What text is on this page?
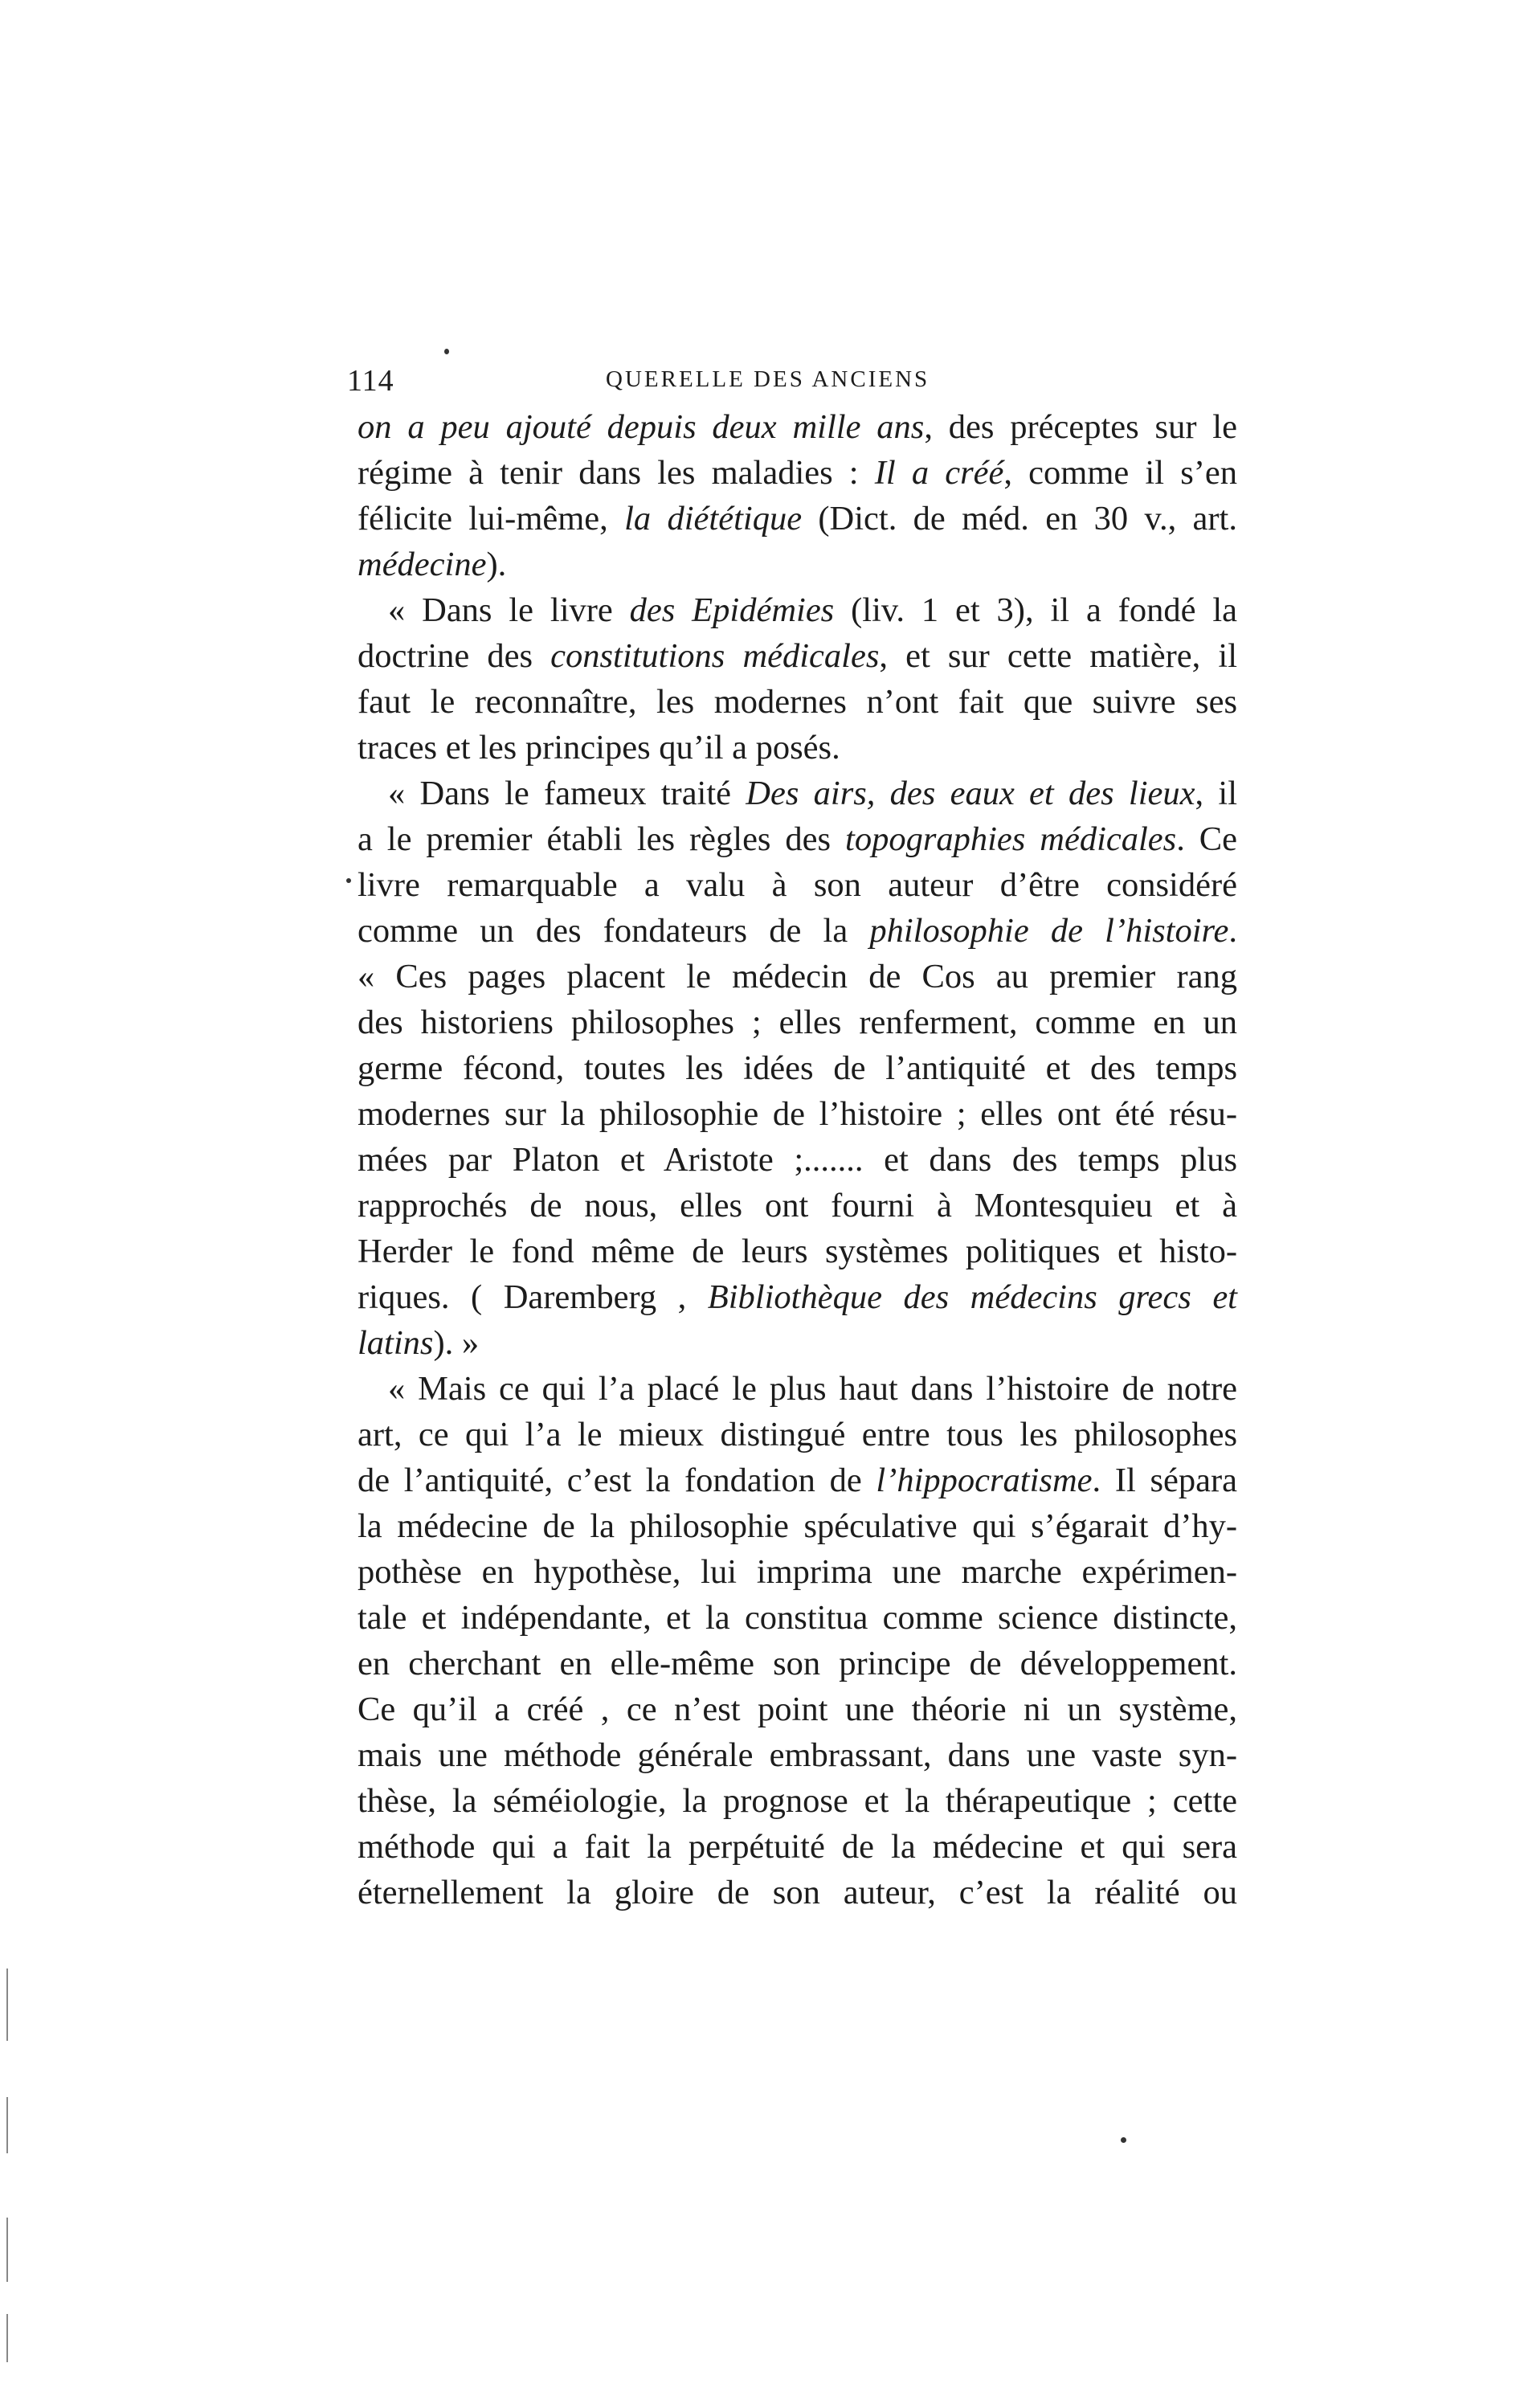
114	QUERELLE DES ANCIENS
on a peu ajouté depuis deux mille ans, des préceptes sur le
régime à tenir dans les maladies : Il a créé, comme il s’en
félicite lui-même, la diététique (Dict. de méd. en 30 v., art.
médecine).
« Dans le livre des Epidémies (liv. 1 et 3), il a fondé la
doctrine des constitutions médicales, et sur cette matière, il
faut le reconnaître, les modernes n’ont fait que suivre ses
traces et les principes qu’il a posés.
« Dans le fameux traité Des airs, des eaux et des lieux, il
a le premier établi les règles des topographies médicales. Ce
livre remarquable a valu à son auteur d’être considéré
comme un des fondateurs de la philosophie de l’histoire.
« Ces pages placent le médecin de Cos au premier rang
des historiens philosophes ; elles renferment, comme en un
germe fécond, toutes les idées de l’antiquité et des temps
modernes sur la philosophie de l’histoire ; elles ont été résu-
mées par Platon et Aristote ;....... et dans des temps plus
rapprochés de nous, elles ont fourni à Montesquieu et à
Herder le fond même de leurs systèmes politiques et histo-
riques. ( Daremberg , Bibliothèque des médecins grecs et
latins). »
« Mais ce qui l’a placé le plus haut dans l’histoire de notre
art, ce qui l’a le mieux distingué entre tous les philosophes
de l’antiquité, c’est la fondation de l’hippocratisme. Il sépara
la médecine de la philosophie spéculative qui s’égarait d’hy-
pothèse en hypothèse, lui imprima une marche expérimen-
tale et indépendante, et la constitua comme science distincte,
en cherchant en elle-même son principe de développement.
Ce qu’il a créé , ce n’est point une théorie ni un système,
mais une méthode générale embrassant, dans une vaste syn-
thèse, la séméiologie, la prognose et la thérapeutique ; cette
méthode qui a fait la perpétuité de la médecine et qui sera
éternellement la gloire de son auteur, c’est la réalité ou
